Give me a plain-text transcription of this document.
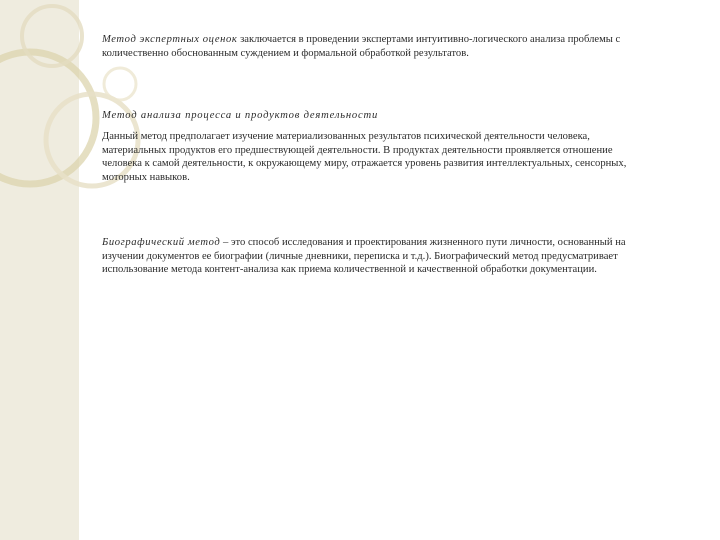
Метод экспертных оценок заключается в проведении экспертами интуитивно-логического анализа проблемы с количественно обоснованным суждением и формальной обработкой результатов.

Метод анализа процесса и продуктов деятельности

Данный метод предполагает изучение материализованных результатов психической деятельности человека, материальных продуктов его предшествующей деятельности. В продуктах деятельности проявляется отношение человека к самой деятельности, к окружающему миру, отражается уровень развития интеллектуальных, сенсорных, моторных навыков.

Биографический метод – это способ исследования и проектирования жизненного пути личности, основанный на изучении документов ее биографии (личные дневники, переписка и т.д.). Биографический метод предусматривает использование метода контент-анализа как приема количественной и качественной обработки документации.
